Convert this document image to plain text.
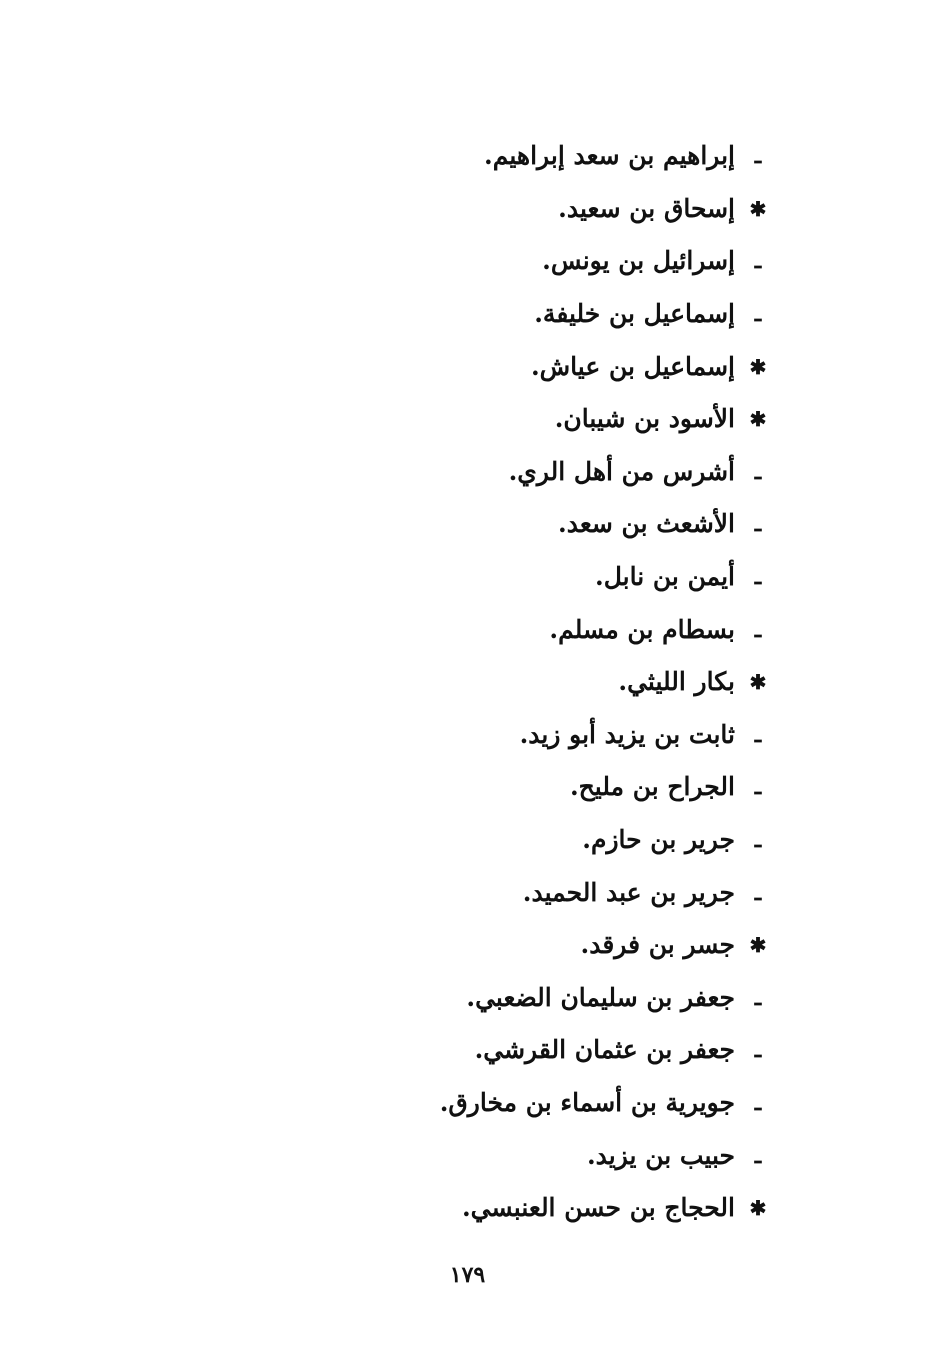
ـ
إبراهيم بن سعد إبراهيم.
✱
إسحاق بن سعيد.
ـ
إسرائيل بن يونس.
ـ
إسماعيل بن خليفة.
✱
إسماعيل بن عياش.
✱
الأسود بن شيبان.
ـ
أشرس من أهل الري.
ـ
الأشعث بن سعد.
ـ
أيمن بن نابل.
ـ
بسطام بن مسلم.
✱
بكار الليثي.
ـ
ثابت بن يزيد أبو زيد.
ـ
الجراح بن مليح.
ـ
جرير بن حازم.
ـ
جرير بن عبد الحميد.
✱
جسر بن فرقد.
ـ
جعفر بن سليمان الضعبي.
ـ
جعفر بن عثمان القرشي.
ـ
جويرية بن أسماء بن مخارق.
ـ
حبيب بن يزيد.
✱
الحجاج بن حسن العنبسي.
١٧٩
